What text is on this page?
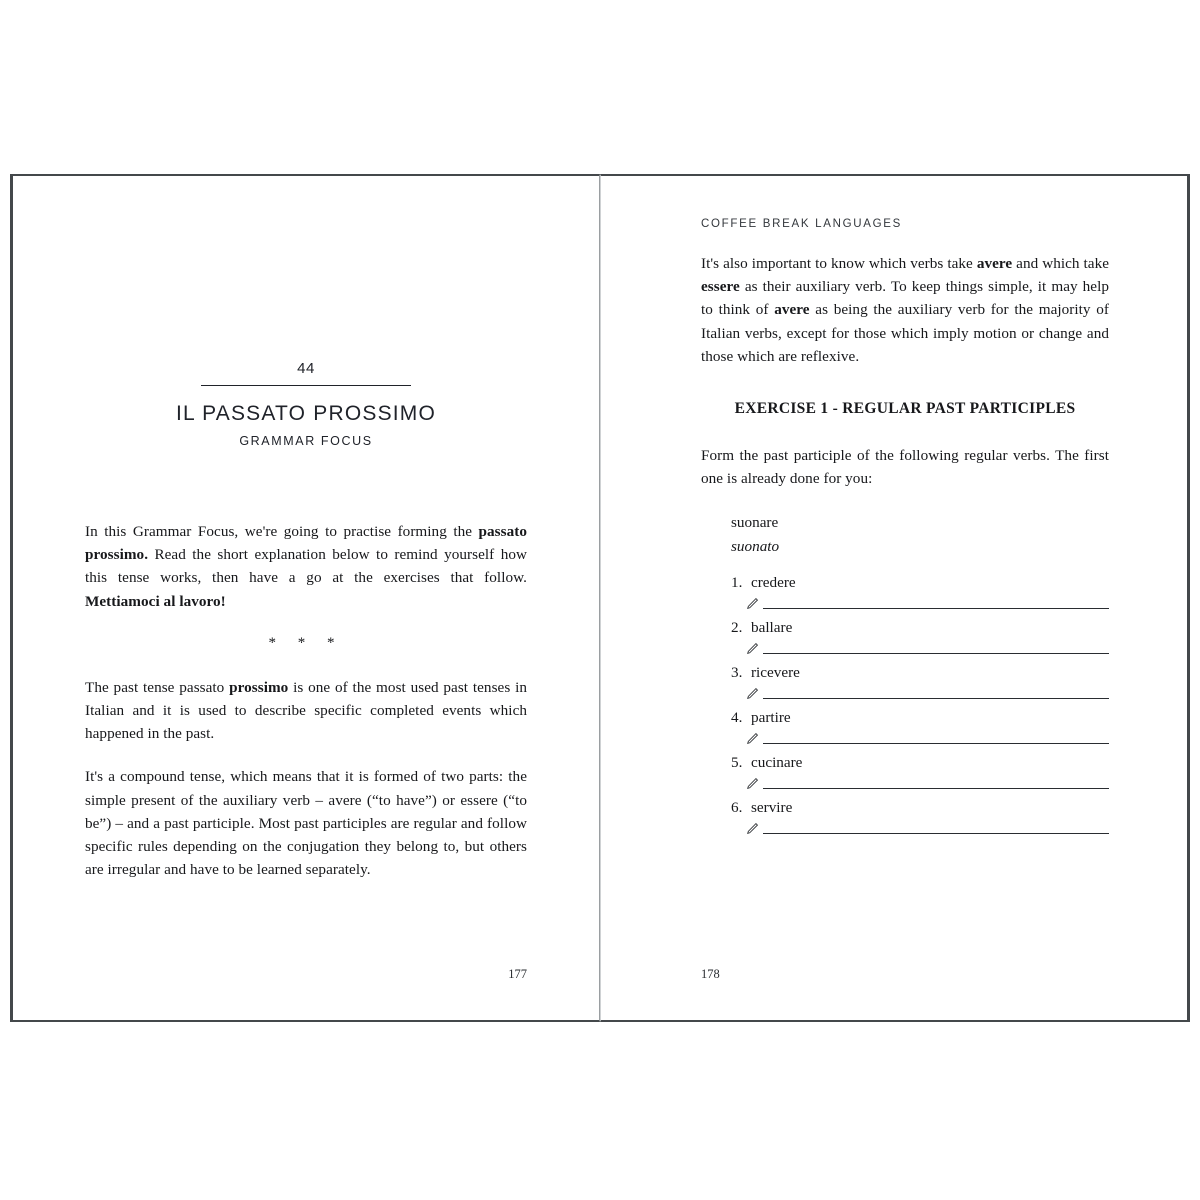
44
IL PASSATO PROSSIMO
GRAMMAR FOCUS

In this Grammar Focus, we're going to practise forming the passato prossimo. Read the short explanation below to remind yourself how this tense works, then have a go at the exercises that follow. Mettiamoci al lavoro!

* * *

The past tense passato prossimo is one of the most used past tenses in Italian and it is used to describe specific completed events which happened in the past.

It's a compound tense, which means that it is formed of two parts: the simple present of the auxiliary verb – avere (“to have”) or essere (“to be”) – and a past participle. Most past participles are regular and follow specific rules depending on the conjugation they belong to, but others are irregular and have to be learned separately.

177
COFFEE BREAK LANGUAGES

It's also important to know which verbs take avere and which take essere as their auxiliary verb. To keep things simple, it may help to think of avere as being the auxiliary verb for the majority of Italian verbs, except for those which imply motion or change and those which are reflexive.

EXERCISE 1 - REGULAR PAST PARTICIPLES

Form the past participle of the following regular verbs. The first one is already done for you:

suonare
suonato
1. credere
2. ballare
3. ricevere
4. partire
5. cucinare
6. servire
178
